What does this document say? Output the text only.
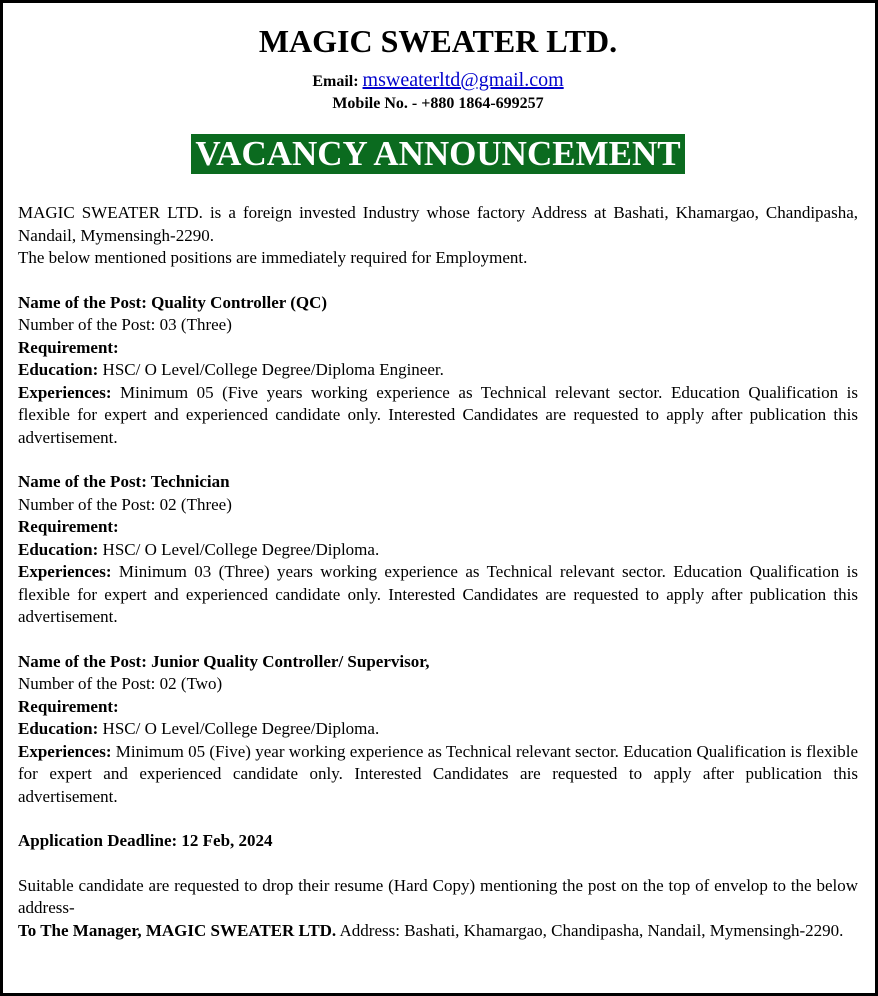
MAGIC SWEATER LTD.
Email: msweaterltd@gmail.com
Mobile No. - +880 1864-699257
VACANCY ANNOUNCEMENT

MAGIC SWEATER LTD. is a foreign invested Industry whose factory Address at Bashati, Khamargao, Chandipasha, Nandail, Mymensingh-2290.

The below mentioned positions are immediately required for Employment.

Name of the Post: Quality Controller (QC)

Number of the Post: 03 (Three)

Requirement:

Education: HSC/ O Level/College Degree/Diploma Engineer.

Experiences: Minimum 05 (Five years working experience as Technical relevant sector. Education Qualification is flexible for expert and experienced candidate only. Interested Candidates are requested to apply after publication this advertisement.

Name of the Post: Technician

Number of the Post: 02 (Three)

Requirement:

Education: HSC/ O Level/College Degree/Diploma.

Experiences: Minimum 03 (Three) years working experience as Technical relevant sector. Education Qualification is flexible for expert and experienced candidate only. Interested Candidates are requested to apply after publication this advertisement.

Name of the Post: Junior Quality Controller/ Supervisor,

Number of the Post: 02 (Two)

Requirement:

Education: HSC/ O Level/College Degree/Diploma.

Experiences: Minimum 05 (Five) year working experience as Technical relevant sector. Education Qualification is flexible for expert and experienced candidate only. Interested Candidates are requested to apply after publication this advertisement.

Application Deadline: 12 Feb, 2024

Suitable candidate are requested to drop their resume (Hard Copy) mentioning the post on the top of envelop to the below address-

To The Manager, MAGIC SWEATER LTD. Address: Bashati, Khamargao, Chandipasha, Nandail, Mymensingh-2290.
